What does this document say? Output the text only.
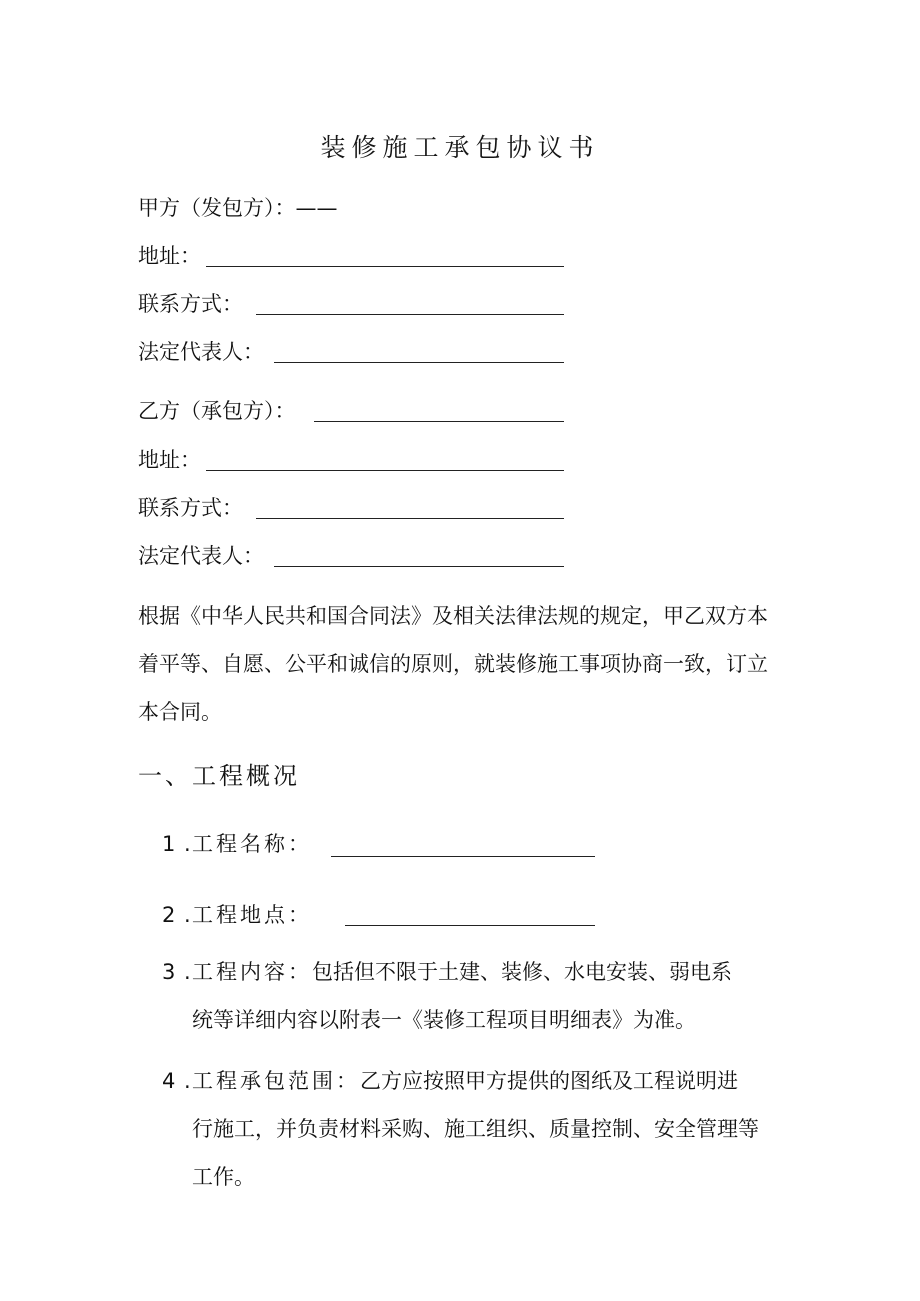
装修施工承包协议书
甲方（发包方）：——
地址：
联系方式：
法定代表人：
乙方（承包方）：
地址：
联系方式：
法定代表人：
根据《中华人民共和国合同法》及相关法律法规的规定，甲乙双方本着平等、自愿、公平和诚信的原则，就装修施工事项协商一致，订立本合同。
一、工程概况
1 .工程名称：
2 .工程地点：
3 .工程内容：包括但不限于土建、装修、水电安装、弱电系
统等详细内容以附表一《装修工程项目明细表》为准。
4 .工程承包范围：乙方应按照甲方提供的图纸及工程说明进
行施工，并负责材料采购、施工组织、质量控制、安全管理等
工作。
